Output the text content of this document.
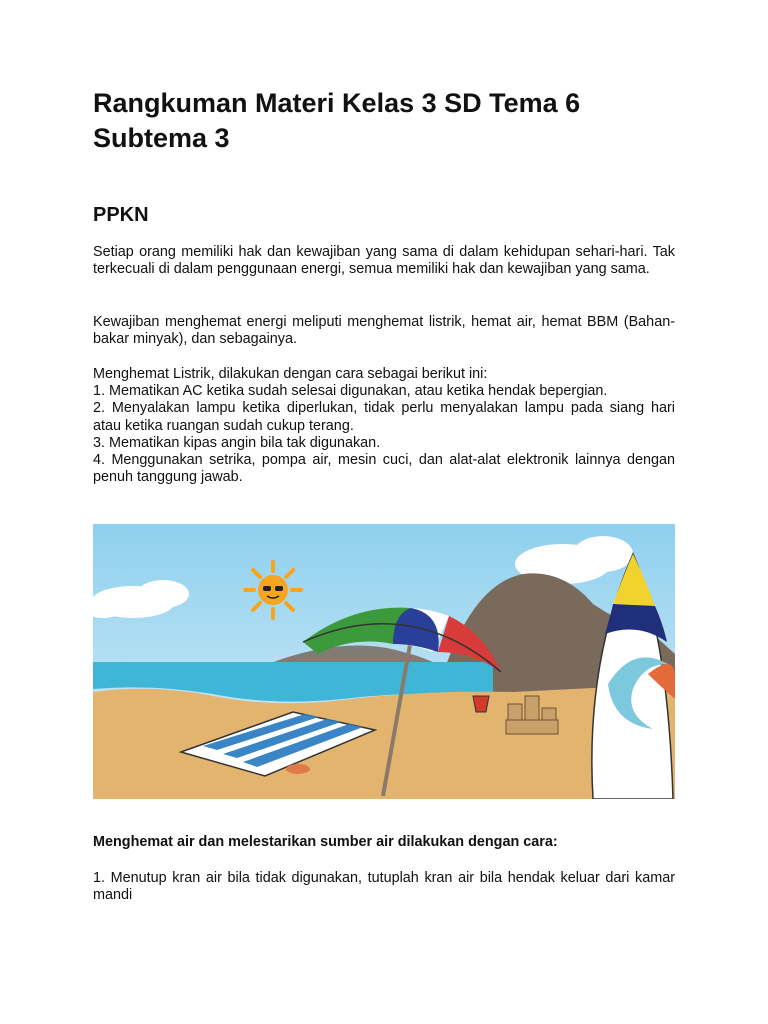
Rangkuman Materi Kelas 3 SD Tema 6 Subtema 3
PPKN

Setiap orang memiliki hak dan kewajiban yang sama di dalam kehidupan sehari-hari. Tak terkecuali di dalam penggunaan energi, semua memiliki hak dan kewajiban yang sama.

Kewajiban menghemat energi meliputi menghemat listrik, hemat air, hemat BBM (Bahan-bakar minyak), dan sebagainya.

Menghemat Listrik, dilakukan dengan cara sebagai berikut ini:
1. Mematikan AC ketika sudah selesai digunakan, atau ketika hendak bepergian.
2. Menyalakan lampu ketika diperlukan, tidak perlu menyalakan lampu pada siang hari atau ketika ruangan sudah cukup terang.
3. Mematikan kipas angin bila tak digunakan.
4. Menggunakan setrika, pompa air, mesin cuci, dan alat-alat elektronik lainnya dengan penuh tanggung jawab.

Menghemat air dan melestarikan sumber air dilakukan dengan cara:

1. Menutup kran air bila tidak digunakan, tutuplah kran air bila hendak keluar dari kamar mandi
